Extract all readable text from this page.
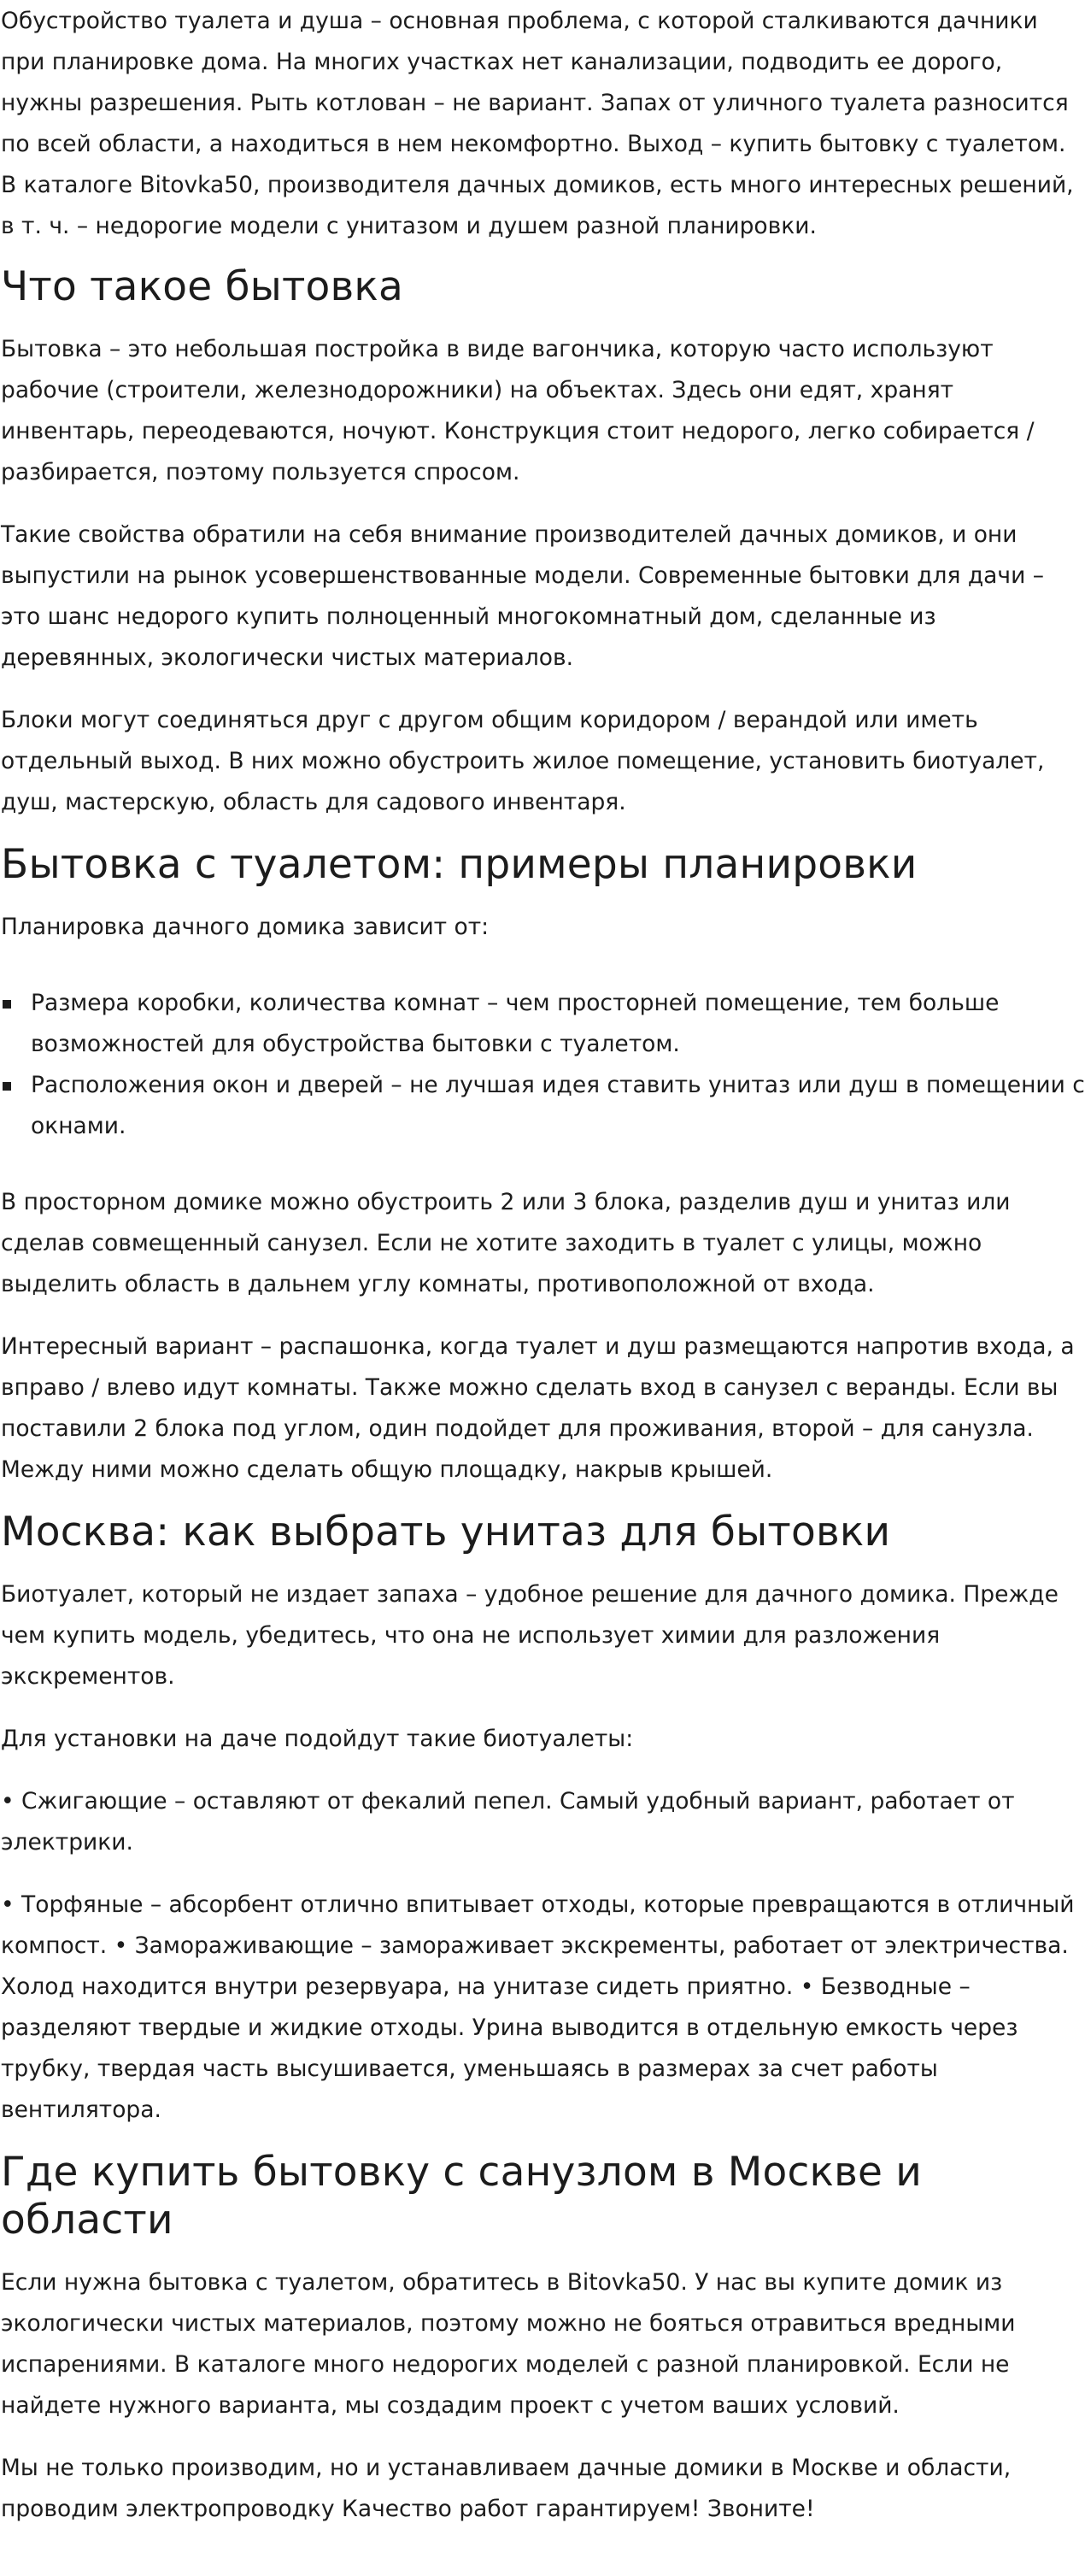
Обустройство туалета и душа – основная проблема, с которой сталкиваются дачники при планировке дома. На многих участках нет канализации, подводить ее дорого, нужны разрешения. Рыть котлован – не вариант. Запах от уличного туалета разносится по всей области, а находиться в нем некомфортно. Выход – купить бытовку с туалетом. В каталоге Bitovka50, производителя дачных домиков, есть много интересных решений, в т. ч. – недорогие модели с унитазом и душем разной планировки.

Что такое бытовка

Бытовка – это небольшая постройка в виде вагончика, которую часто используют рабочие (строители, железнодорожники) на объектах. Здесь они едят, хранят инвентарь, переодеваются, ночуют. Конструкция стоит недорого, легко собирается / разбирается, поэтому пользуется спросом.

Такие свойства обратили на себя внимание производителей дачных домиков, и они выпустили на рынок усовершенствованные модели. Современные бытовки для дачи – это шанс недорого купить полноценный многокомнатный дом, сделанные из деревянных, экологически чистых материалов.

Блоки могут соединяться друг с другом общим коридором / верандой или иметь отдельный выход. В них можно обустроить жилое помещение, установить биотуалет, душ, мастерскую, область для садового инвентаря.

Бытовка с туалетом: примеры планировки

Планировка дачного домика зависит от:

Размера коробки, количества комнат – чем просторней помещение, тем больше возможностей для обустройства бытовки с туалетом.
Расположения окон и дверей – не лучшая идея ставить унитаз или душ в помещении с окнами.

В просторном домике можно обустроить 2 или 3 блока, разделив душ и унитаз или сделав совмещенный санузел. Если не хотите заходить в туалет с улицы, можно выделить область в дальнем углу комнаты, противоположной от входа.

Интересный вариант – распашонка, когда туалет и душ размещаются напротив входа, а вправо / влево идут комнаты. Также можно сделать вход в санузел с веранды. Если вы поставили 2 блока под углом, один подойдет для проживания, второй – для санузла. Между ними можно сделать общую площадку, накрыв крышей.

Москва: как выбрать унитаз для бытовки

Биотуалет, который не издает запаха – удобное решение для дачного домика. Прежде чем купить модель, убедитесь, что она не использует химии для разложения экскрементов.

Для установки на даче подойдут такие биотуалеты:

• Сжигающие – оставляют от фекалий пепел. Самый удобный вариант, работает от электрики.

• Торфяные – абсорбент отлично впитывает отходы, которые превращаются в отличный компост. • Замораживающие – замораживает экскременты, работает от электричества. Холод находится внутри резервуара, на унитазе сидеть приятно. • Безводные – разделяют твердые и жидкие отходы. Урина выводится в отдельную емкость через трубку, твердая часть высушивается, уменьшаясь в размерах за счет работы вентилятора.

Где купить бытовку с санузлом в Москве и области

Если нужна бытовка с туалетом, обратитесь в Bitovka50. У нас вы купите домик из экологически чистых материалов, поэтому можно не бояться отравиться вредными испарениями. В каталоге много недорогих моделей с разной планировкой. Если не найдете нужного варианта, мы создадим проект с учетом ваших условий.

Мы не только производим, но и устанавливаем дачные домики в Москве и области, проводим электропроводку Качество работ гарантируем! Звоните!
